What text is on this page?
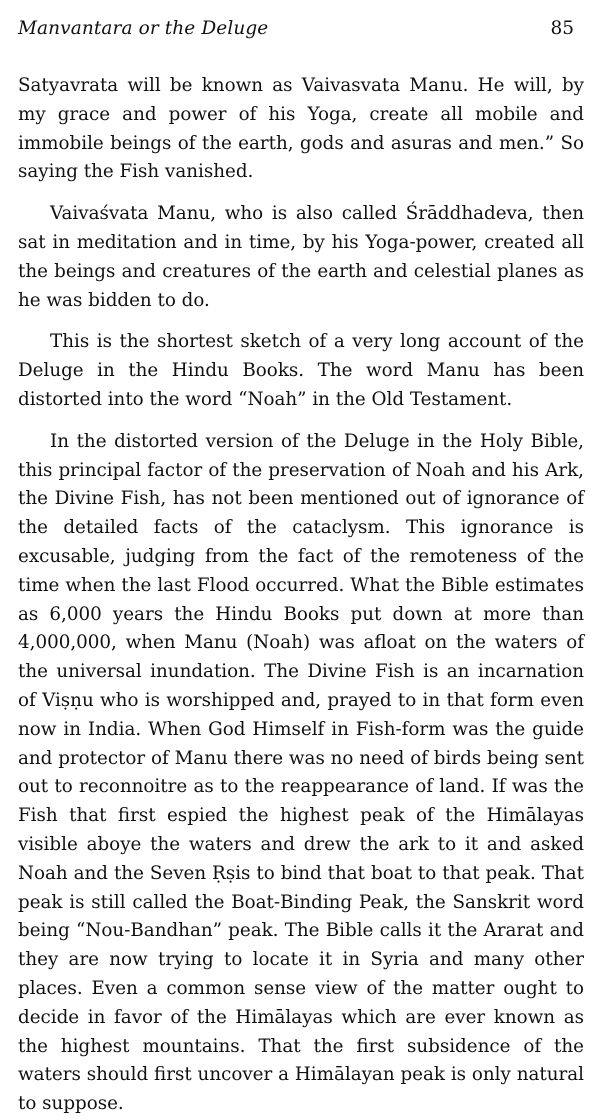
Manvantara or the Deluge	85

Satyavrata will be known as Vaivasvata Manu. He will, by my grace and power of his Yoga, create all mobile and immobile beings of the earth, gods and asuras and men.” So saying the Fish vanished.

Vaivaśvata Manu, who is also called Śrāddhadeva, then sat in meditation and in time, by his Yoga-power, created all the beings and creatures of the earth and celestial planes as he was bidden to do.

This is the shortest sketch of a very long account of the Deluge in the Hindu Books. The word Manu has been distorted into the word “Noah” in the Old Testament.

In the distorted version of the Deluge in the Holy Bible, this principal factor of the preservation of Noah and his Ark, the Divine Fish, has not been mentioned out of ignorance of the detailed facts of the cataclysm. This ignorance is excusable, judging from the fact of the remoteness of the time when the last Flood occurred. What the Bible estimates as 6,000 years the Hindu Books put down at more than 4,000,000, when Manu (Noah) was afloat on the waters of the universal inundation. The Divine Fish is an incarnation of Viṣṇu who is worshipped and, prayed to in that form even now in India. When God Himself in Fish-form was the guide and protector of Manu there was no need of birds being sent out to reconnoitre as to the reappearance of land. If was the Fish that first espied the highest peak of the Himālayas visible aboye the waters and drew the ark to it and asked Noah and the Seven Ṛṣis to bind that boat to that peak. That peak is still called the Boat-Binding Peak, the Sanskrit word being “Nou-Bandhan” peak. The Bible calls it the Ararat and they are now trying to locate it in Syria and many other places. Even a common sense view of the matter ought to decide in favor of the Himālayas which are ever known as the highest mountains. That the first subsidence of the waters should first uncover a Himālayan peak is only natural to suppose.
